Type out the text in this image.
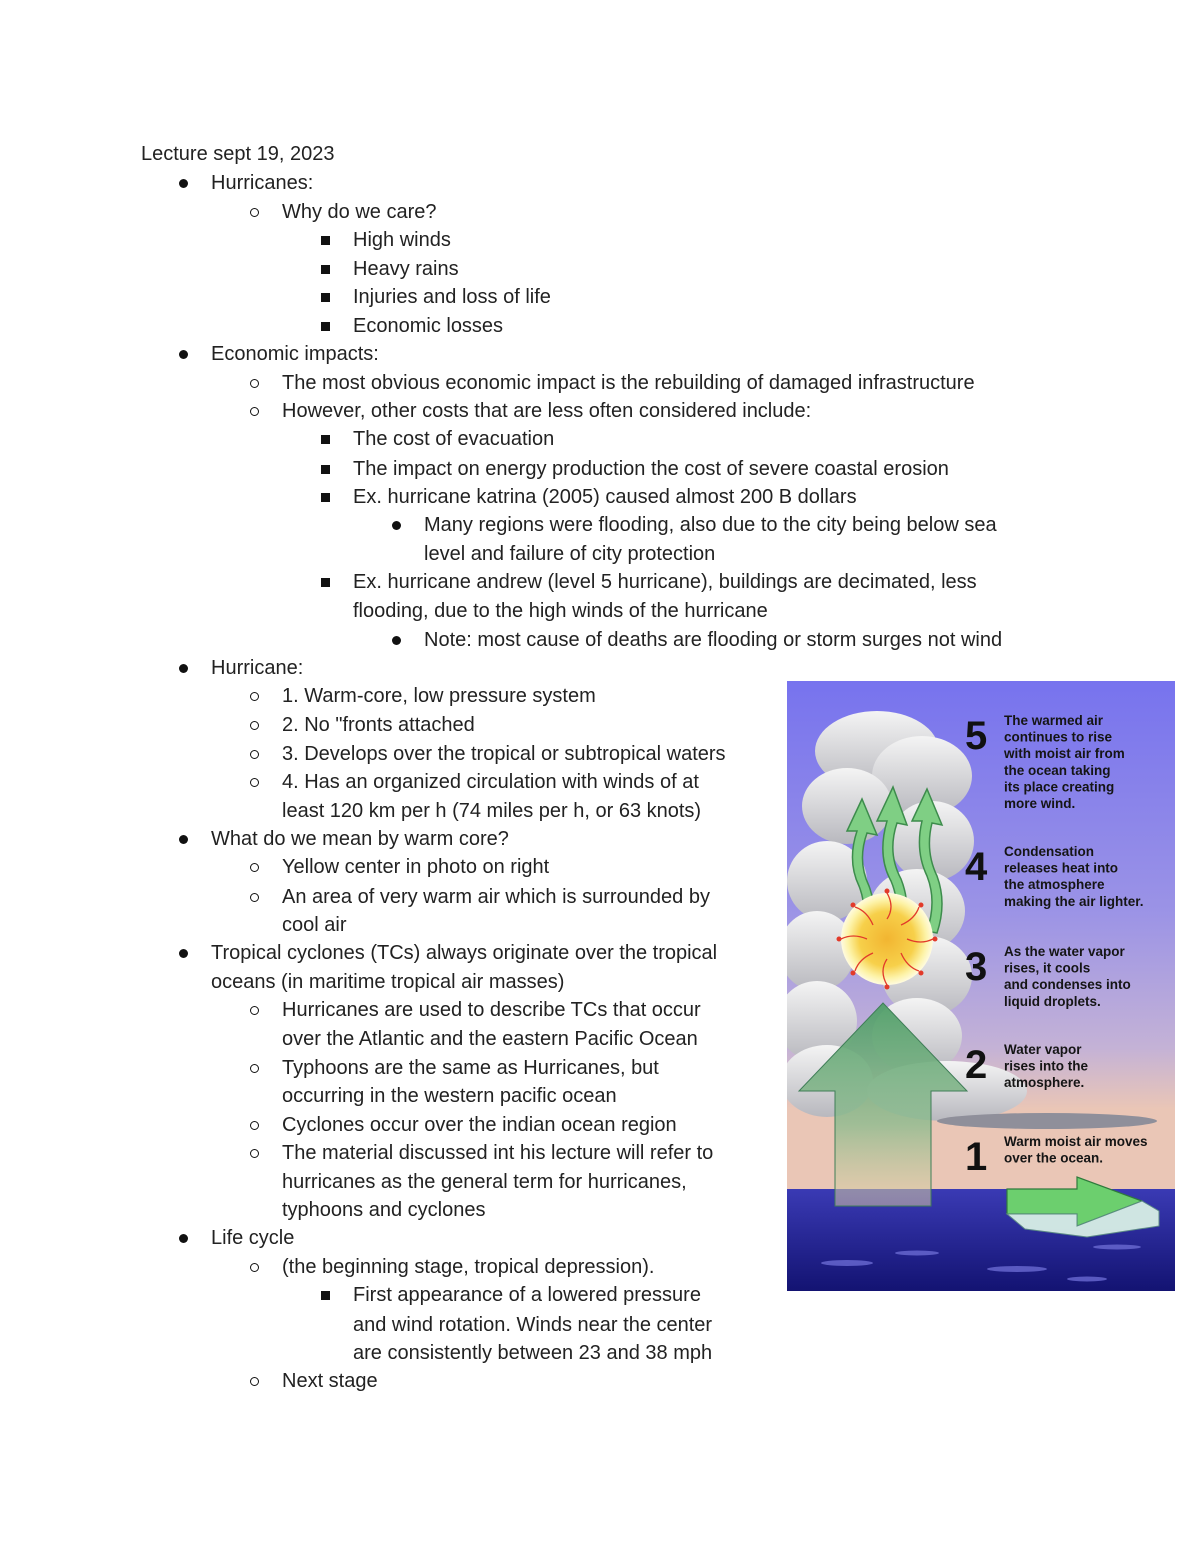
Lecture sept 19, 2023
Hurricanes:
Why do we care?
High winds
Heavy rains
Injuries and loss of life
Economic losses
Economic impacts:
The most obvious economic impact is the rebuilding of damaged infrastructure
However, other costs that are less often considered include:
The cost of evacuation
The impact on energy production the cost of severe coastal erosion
Ex. hurricane katrina (2005) caused almost 200 B dollars
Many regions were flooding, also due to the city being below sea
level and failure of city protection
Ex. hurricane andrew (level 5 hurricane), buildings are decimated, less
flooding, due to the high winds of the hurricane
Note: most cause of deaths are flooding or storm surges not wind
Hurricane:
1. Warm-core, low pressure system
2. No "fronts attached
3. Develops over the tropical or subtropical waters
4. Has an organized circulation with winds of at
least 120 km per h (74 miles per h, or 63 knots)
What do we mean by warm core?
Yellow center in photo on right
An area of very warm air which is surrounded by
cool air
Tropical cyclones (TCs) always originate over the tropical
oceans (in maritime tropical air masses)
Hurricanes are used to describe TCs that occur
over the Atlantic and the eastern Pacific Ocean
Typhoons are the same as Hurricanes, but
occurring in the western pacific ocean
Cyclones occur over the indian ocean region
The material discussed int his lecture will refer to
hurricanes as the general term for hurricanes,
typhoons and cyclones
Life cycle
(the beginning stage, tropical depression).
First appearance of a lowered pressure
and wind rotation. Winds near the center
are consistently between 23 and 38 mph
Next stage
5 The warmed air
continues to rise
with moist air from
the ocean taking
its place creating
more wind.
4 Condensation
releases heat into
the atmosphere
making the air lighter.
3 As the water vapor
rises, it cools
and condenses into
liquid droplets.
2 Water vapor
rises into the
atmosphere.
1 Warm moist air moves
over the ocean.
